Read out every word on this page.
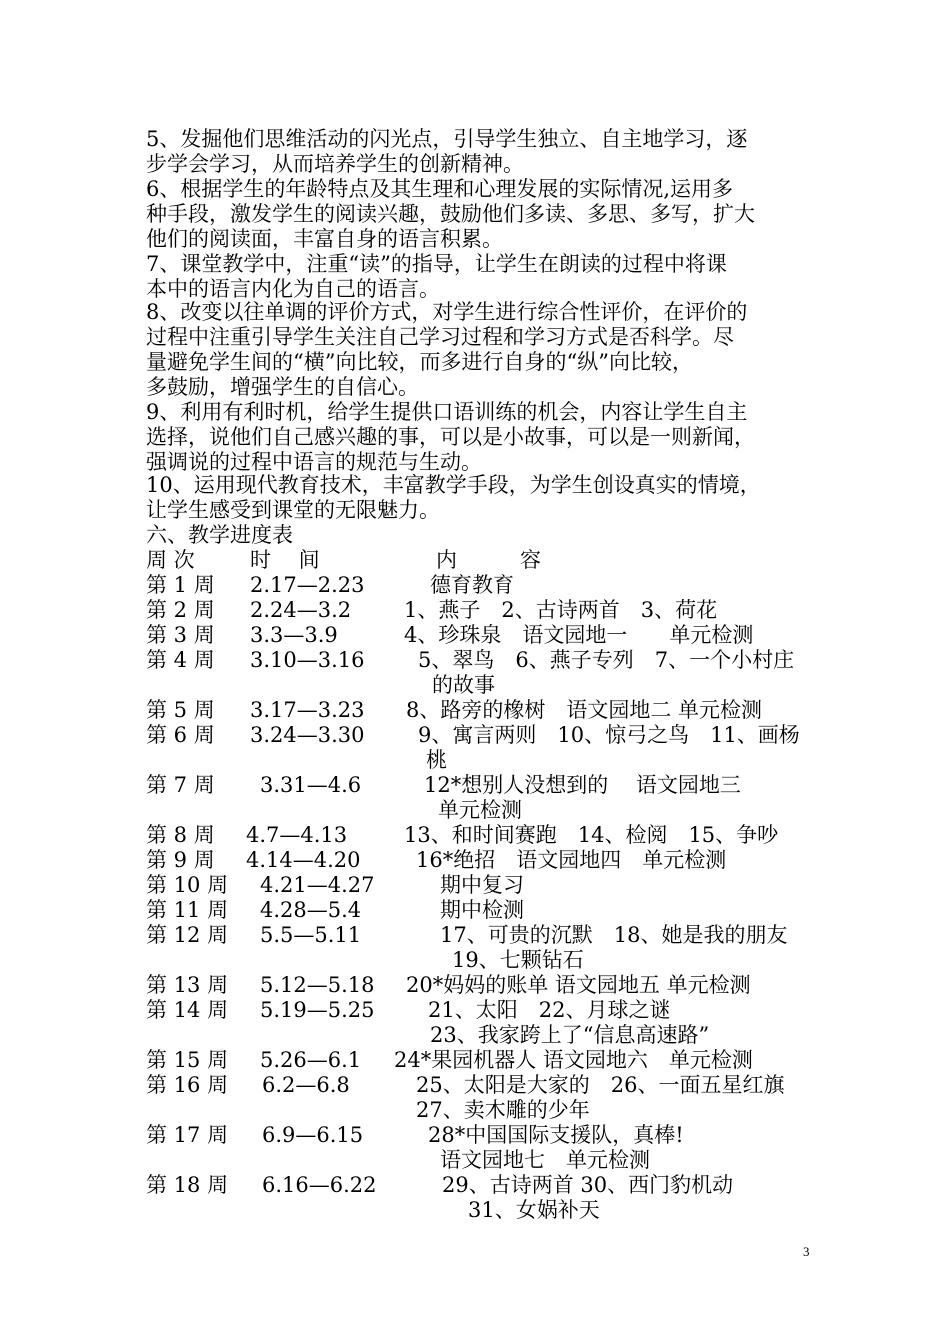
5、发掘他们思维活动的闪光点，引导学生独立、自主地学习，逐
步学会学习，从而培养学生的创新精神。
6、根据学生的年龄特点及其生理和心理发展的实际情况,运用多
种手段，激发学生的阅读兴趣，鼓励他们多读、多思、多写，扩大
他们的阅读面，丰富自身的语言积累。
7、课堂教学中，注重“读”的指导，让学生在朗读的过程中将课
本中的语言内化为自己的语言。
8、改变以往单调的评价方式，对学生进行综合性评价，在评价的
过程中注重引导学生关注自己学习过程和学习方式是否科学。尽
量避免学生间的“横”向比较，而多进行自身的“纵”向比较，
多鼓励，增强学生的自信心。
9、利用有利时机，给学生提供口语训练的机会，内容让学生自主
选择，说他们自己感兴趣的事，可以是小故事，可以是一则新闻，
强调说的过程中语言的规范与生动。
10、运用现代教育技术，丰富教学手段，为学生创设真实的情境，
让学生感受到课堂的无限魅力。
六、教学进度表
周 次	时　 间	内　　　容
第 1 周 2.17—2.23	德育教育
第 2 周 2.24—3.2	1、燕子　2、古诗两首　3、荷花
第 3 周 3.3—3.9	4、珍珠泉　语文园地一　　单元检测
第 4 周 3.10—3.16	5、翠鸟　6、燕子专列　7、一个小村庄
的故事
第 5 周 3.17—3.23 8、路旁的橡树　语文园地二 单元检测
第 6 周 3.24—3.30	9、寓言两则　10、惊弓之鸟　11、画杨
桃
第 7 周 3.31—4.6	12*想别人没想到的　 语文园地三
单元检测
第 8 周 4.7—4.13	13、和时间赛跑　14、检阅　15、争吵
第 9 周 4.14—4.20	16*绝招　语文园地四　单元检测
第 10 周 4.21—4.27	期中复习
第 11 周 4.28—5.4	期中检测
第 12 周 5.5—5.11	17、可贵的沉默　18、她是我的朋友
19、七颗钻石
第 13 周 5.12—5.18 20*妈妈的账单 语文园地五 单元检测
第 14 周 5.19—5.25	21、太阳　22、月球之谜
23、我家跨上了“信息高速路”
第 15 周 5.26—6.1 24*果园机器人 语文园地六　单元检测
第 16 周 6.2—6.8	25、太阳是大家的　26、一面五星红旗
27、卖木雕的少年
第 17 周 6.9—6.15	28*中国国际支援队，真棒!
语文园地七　单元检测
第 18 周 6.16—6.22	29、古诗两首 30、西门豹机动
31、女娲补天
3
